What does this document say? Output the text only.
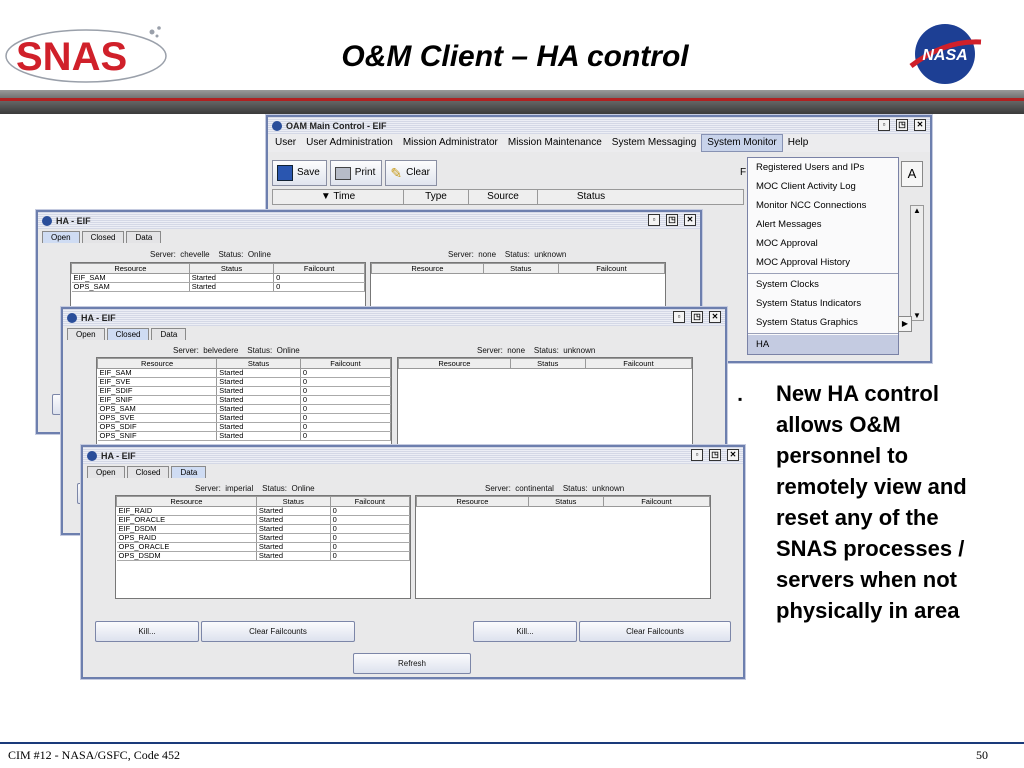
SNAS	O&M Client – HA control	NASA
OAM Main Control - EIF	▫	◳	✕
User	User Administration	Mission Administrator	Mission Maintenance	System Messaging	System Monitor	Help
Save	Print ✎ Clear	F	A
▼ Time	Type	Source	Status
▲
▼
Registered Users and IPs
MOC Client Activity Log
Monitor NCC Connections
Alert Messages
MOC Approval
MOC Approval History
System Clocks
System Status Indicators
System Status Graphics
HA
▶
HA - EIF	▫	◳	✕
Open	Closed	Data
Server:  chevelle    Status:  Online	Server:  none    Status:  unknown
Resource	Status	Failcount
EIF_SAM	Started	0
OPS_SAM	Started	0
Resource	Status	Failcount
HA - EIF	▫	◳	✕
Open	Closed	Data
Server:  belvedere    Status:  Online	Server:  none    Status:  unknown
Resource	Status	Failcount
EIF_SAM	Started	0
EIF_SVE	Started	0
EIF_SDIF	Started	0
EIF_SNIF	Started	0
OPS_SAM	Started	0
OPS_SVE	Started	0
OPS_SDIF	Started	0
OPS_SNIF	Started	0
Resource	Status	Failcount
HA - EIF	▫	◳	✕
Open	Closed	Data
Server:  imperial    Status:  Online	Server:  continental    Status:  unknown
Resource	Status	Failcount
EIF_RAID	Started	0
EIF_ORACLE	Started	0
EIF_DSDM	Started	0
OPS_RAID	Started	0
OPS_ORACLE	Started	0
OPS_DSDM	Started	0
Resource	Status	Failcount
Kill...	Clear Failcounts	Kill...	Clear Failcounts
Refresh
▪ New HA control allows O&M personnel to remotely view and reset any of the SNAS processes / servers when not physically in area
CIM #12 - NASA/GSFC, Code 452	50
